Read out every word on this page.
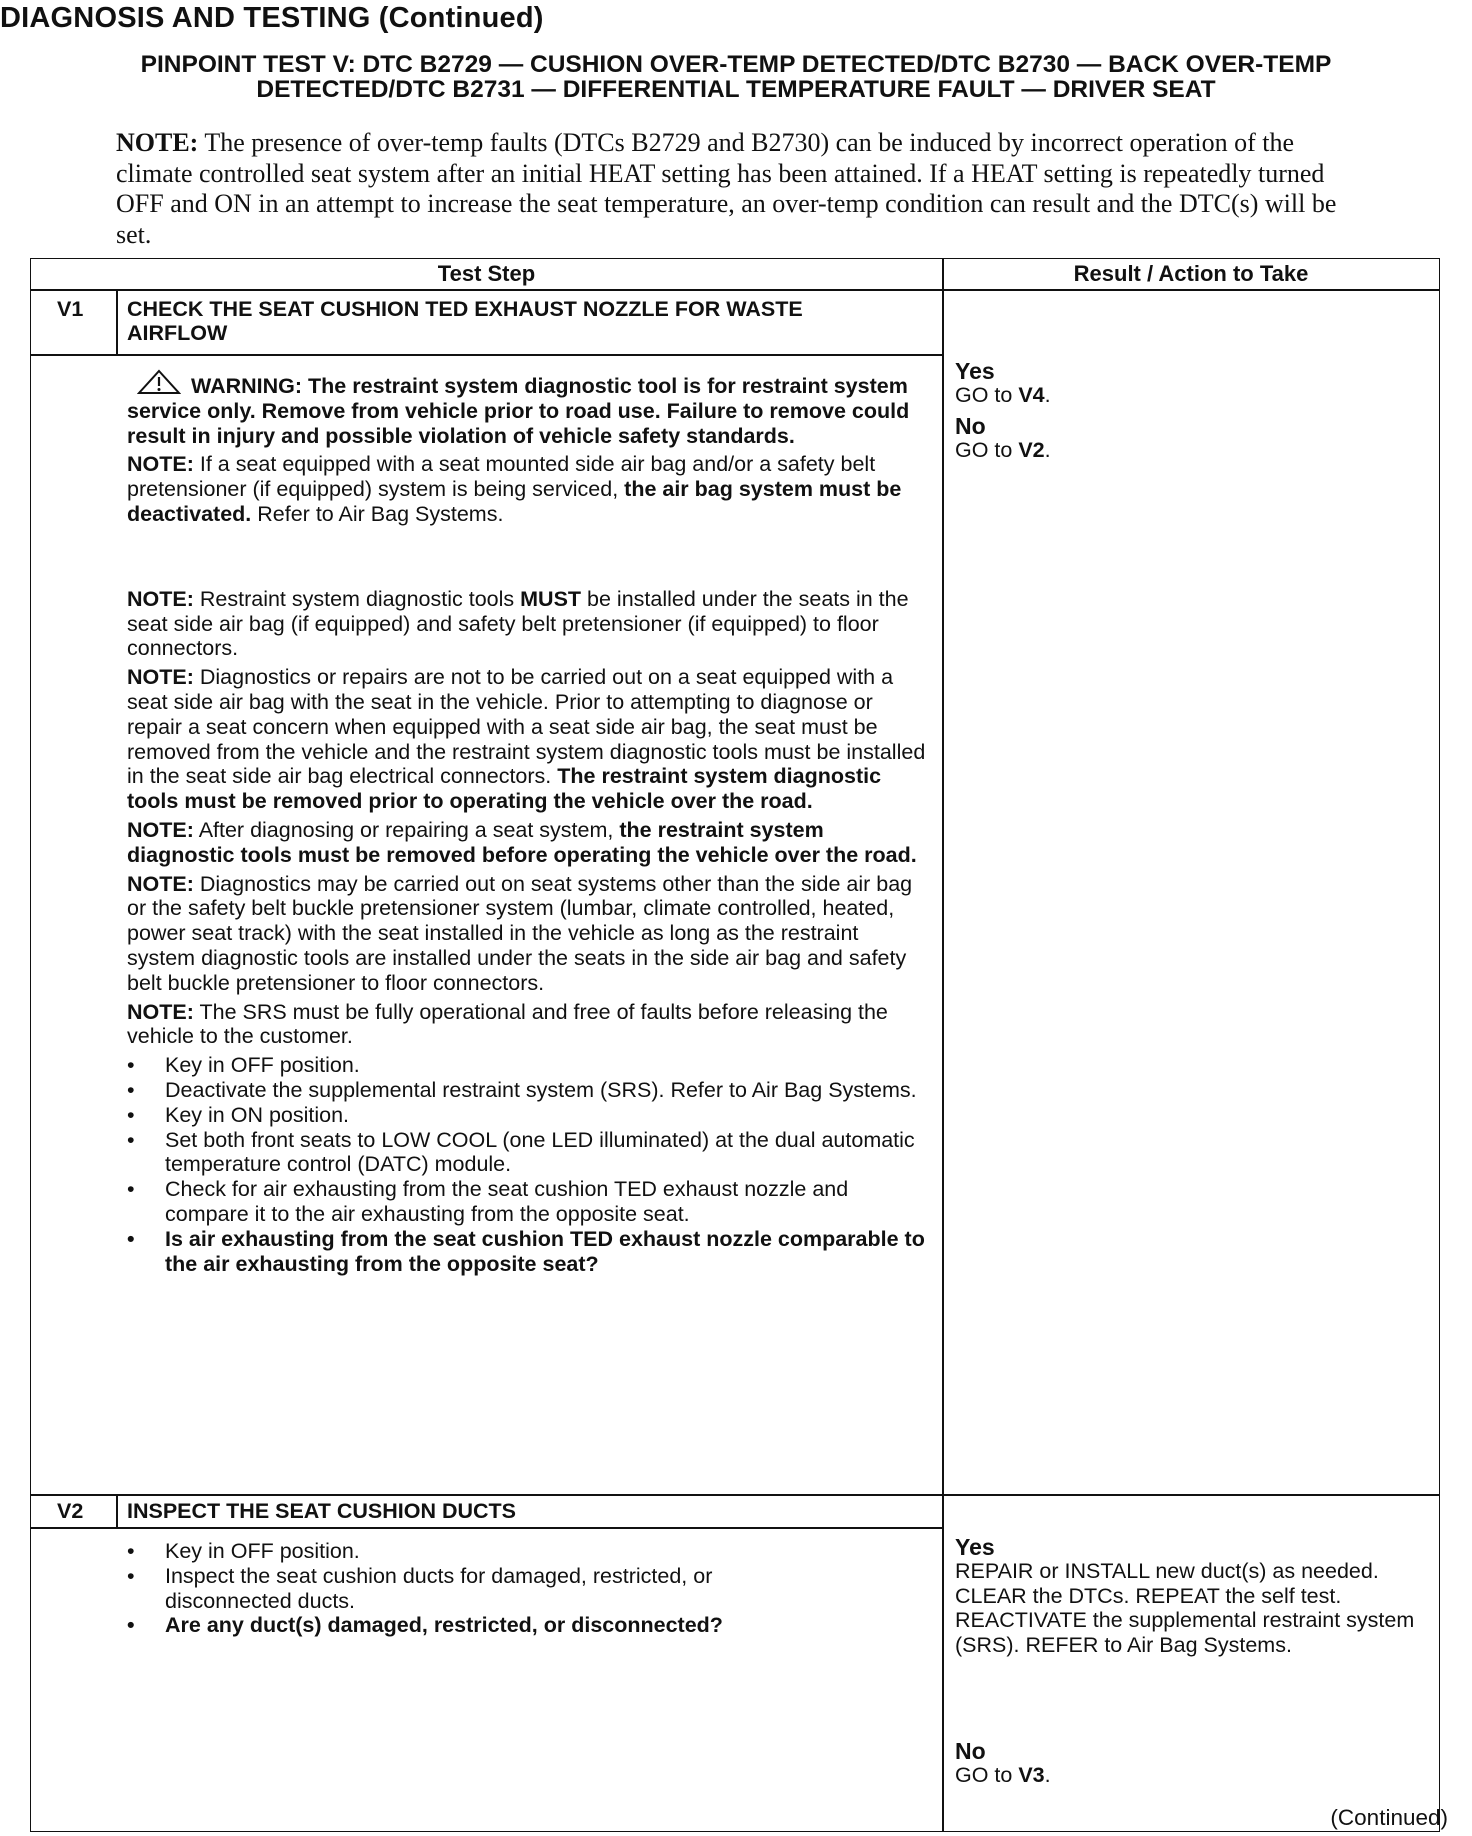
DIAGNOSIS AND TESTING (Continued)
PINPOINT TEST V: DTC B2729 — CUSHION OVER-TEMP DETECTED/DTC B2730 — BACK OVER-TEMP
DETECTED/DTC B2731 — DIFFERENTIAL TEMPERATURE FAULT — DRIVER SEAT
NOTE: The presence of over-temp faults (DTCs B2729 and B2730) can be induced by incorrect operation of the climate controlled seat system after an initial HEAT setting has been attained. If a HEAT setting is repeatedly turned OFF and ON in an attempt to increase the seat temperature, an over-temp condition can result and the DTC(s) will be set.
Test Step	Result / Action to Take
V1 CHECK THE SEAT CUSHION TED EXHAUST NOZZLE FOR WASTE AIRFLOW

WARNING: The restraint system diagnostic tool is for restraint system service only. Remove from vehicle prior to road use. Failure to remove could result in injury and possible violation of vehicle safety standards.

NOTE: If a seat equipped with a seat mounted side air bag and/or a safety belt pretensioner (if equipped) system is being serviced, the air bag system must be deactivated. Refer to Air Bag Systems.

NOTE: Restraint system diagnostic tools MUST be installed under the seats in the seat side air bag (if equipped) and safety belt pretensioner (if equipped) to floor connectors.

NOTE: Diagnostics or repairs are not to be carried out on a seat equipped with a seat side air bag with the seat in the vehicle. Prior to attempting to diagnose or repair a seat concern when equipped with a seat side air bag, the seat must be removed from the vehicle and the restraint system diagnostic tools must be installed in the seat side air bag electrical connectors. The restraint system diagnostic tools must be removed prior to operating the vehicle over the road.

NOTE: After diagnosing or repairing a seat system, the restraint system diagnostic tools must be removed before operating the vehicle over the road.

NOTE: Diagnostics may be carried out on seat systems other than the side air bag or the safety belt buckle pretensioner system (lumbar, climate controlled, heated, power seat track) with the seat installed in the vehicle as long as the restraint system diagnostic tools are installed under the seats in the side air bag and safety belt buckle pretensioner to floor connectors.

NOTE: The SRS must be fully operational and free of faults before releasing the vehicle to the customer.

• Key in OFF position.
• Deactivate the supplemental restraint system (SRS). Refer to Air Bag Systems.
• Key in ON position.
• Set both front seats to LOW COOL (one LED illuminated) at the dual automatic temperature control (DATC) module.
• Check for air exhausting from the seat cushion TED exhaust nozzle and compare it to the air exhausting from the opposite seat.
• Is air exhausting from the seat cushion TED exhaust nozzle comparable to the air exhausting from the opposite seat?
Yes

GO to V4.

No

GO to V2.

V2 INSPECT THE SEAT CUSHION DUCTS
• Key in OFF position.
• Inspect the seat cushion ducts for damaged, restricted, or disconnected ducts.
• Are any duct(s) damaged, restricted, or disconnected?
Yes

REPAIR or INSTALL new duct(s) as needed. CLEAR the DTCs. REPEAT the self test. REACTIVATE the supplemental restraint system (SRS). REFER to Air Bag Systems.

No

GO to V3.

(Continued)
